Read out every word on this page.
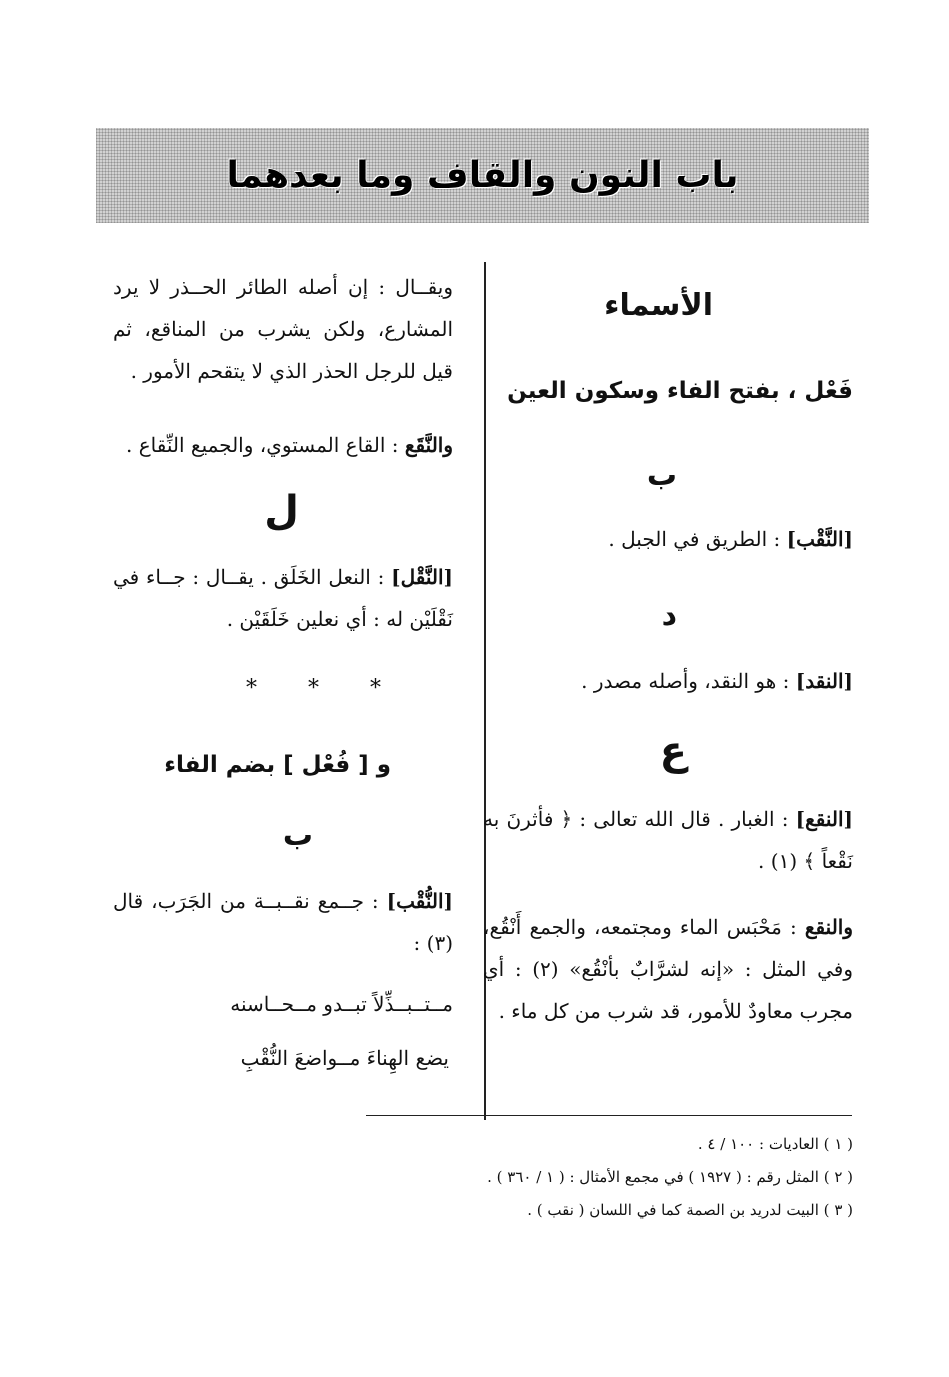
باب النون والقاف وما بعدهما
الأسماء
فَعْل ، بفتح الفاء وسكون العين
ب
[النَّقْب] : الطريق في الجبل .
د
[النقد] : هو النقد، وأصله مصدر .
ع
[النقع] : الغبار . قال الله تعالى : ﴿ فأثرنَ به نَقْعاً ﴾ (١) .
والنقع : مَحْبَس الماء ومجتمعه، والجمع أَنْقُع، وفي المثل : «إنه لشرَّابٌ بأنْقُع» (٢) : أي مجرب معاودٌ للأمور، قد شرب من كل ماء .
ويقــال : إن أصله الطائر الحــذر لا يرد المشارع، ولكن يشرب من المناقع، ثم قيل للرجل الحذر الذي لا يتقحم الأمور .
والنَّقَع : القاع المستوي، والجميع النِّقاع .
ل
[النَّقْل] : النعل الخَلَق . يقــال : جــاء في نَقْلَيْن له : أي نعلين خَلَقَيْن .
* * *
و [ فُعْل ] بضم الفاء
ب
[النُّقْب] : جــمع نقــبــة من الجَرَب، قال (٣) :
مــتــبــذِّلاً تبــدو مــحــاسنه
يضع الهِناءَ مــواضعَ النُّقْبِ
( ١ ) العاديات : ١٠٠ / ٤ .
( ٢ ) المثل رقم : ( ١٩٢٧ ) في مجمع الأمثال : ( ١ / ٣٦٠ ) .
( ٣ ) البيت لدريد بن الصمة كما في اللسان ( نقب ) .
